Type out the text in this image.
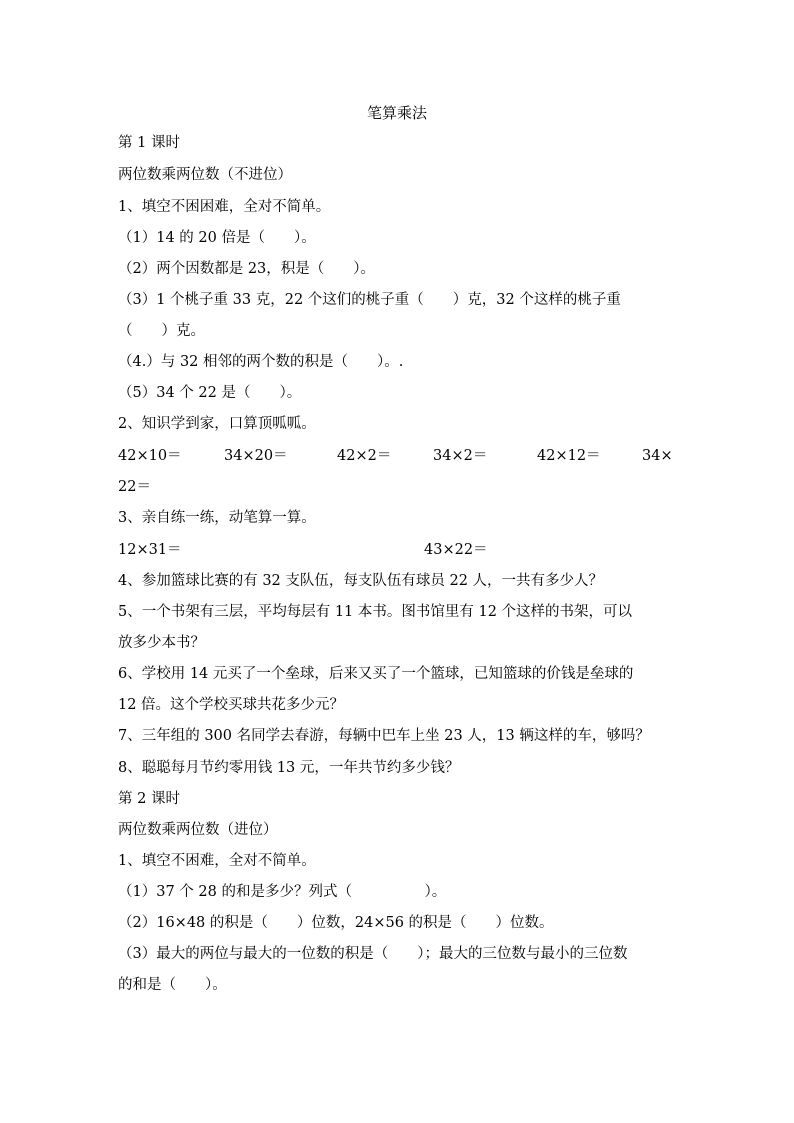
笔算乘法
第 1 课时
两位数乘两位数（不进位）
1、填空不困困难，全对不简单。
（1）14 的 20 倍是（　　）。
（2）两个因数都是 23，积是（　　）。
（3）1 个桃子重 33 克，22 个这们的桃子重（　　）克，32 个这样的桃子重
（　　）克。
（4.）与 32 相邻的两个数的积是（　　）。.
（5）34 个 22 是（　　）。
2、知识学到家，口算顶呱呱。
42×10＝	34×20＝	42×2＝	34×2＝	42×12＝	34×
22＝
3、亲自练一练，动笔算一算。
12×31＝	43×22＝
4、参加篮球比赛的有 32 支队伍，每支队伍有球员 22 人，一共有多少人？
5、一个书架有三层，平均每层有 11 本书。图书馆里有 12 个这样的书架，可以
放多少本书？
6、学校用 14 元买了一个垒球，后来又买了一个篮球，已知篮球的价钱是垒球的
12 倍。这个学校买球共花多少元？
7、三年组的 300 名同学去春游，每辆中巴车上坐 23 人，13 辆这样的车，够吗？
8、聪聪每月节约零用钱 13 元，一年共节约多少钱？
第 2 课时
两位数乘两位数（进位）
1、填空不困难，全对不简单。
（1）37 个 28 的和是多少？列式（　　　　　）。
（2）16×48 的积是（　　）位数，24×56 的积是（　　）位数。
（3）最大的两位与最大的一位数的积是（　　）；最大的三位数与最小的三位数
的和是（　　）。
